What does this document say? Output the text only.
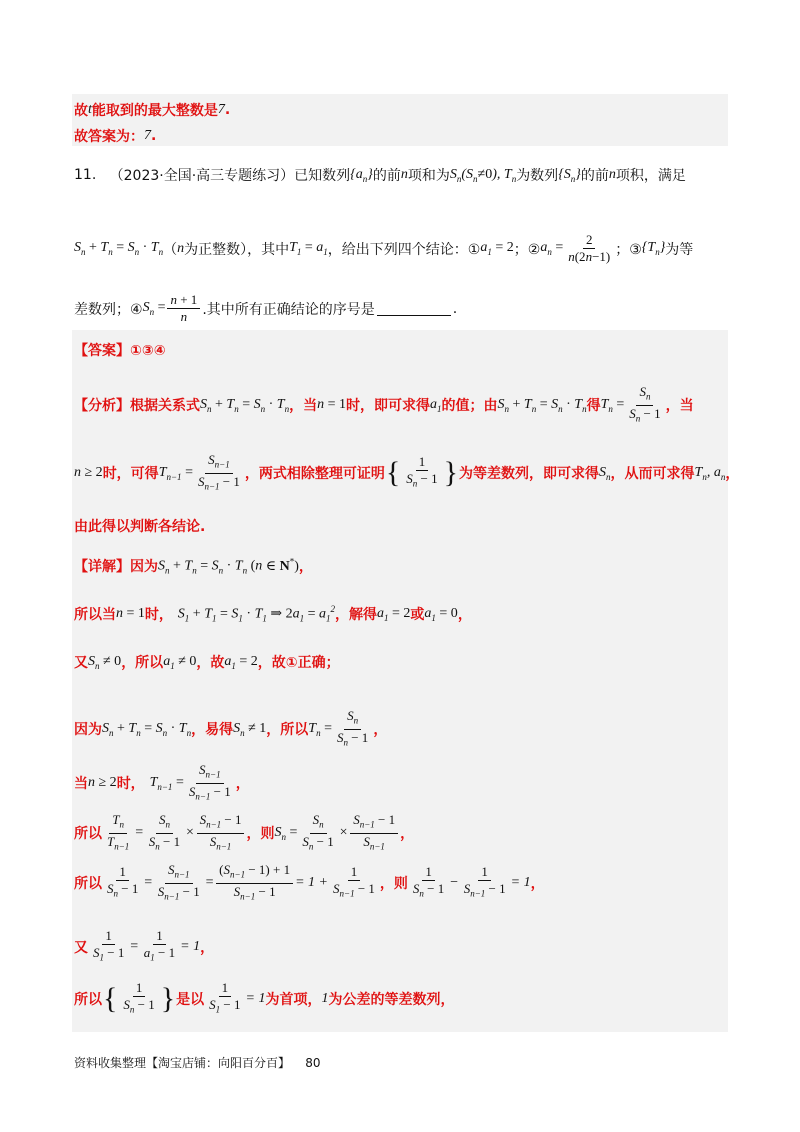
故 t 能取到的最大整数是 7 .
故答案为： 7 .
11.
（2023·全国·高三专题练习） 已知数列 $\{a_n\}$ 的前 n 项和为 $S_n(S_n\ne 0)$, $T_n$ 为数列 $\{S_n\}$ 的前 n 项积，满足
$S_n + T_n = S_n \cdot T_n$ （ n 为正整数），其中 $T_1 = a_1$ ，给出下列四个结论：① $a_1 = 2$ ；② $a_n = \frac{2}{n(2n-1)}$ ；③ $\{T_n\}$ 为等
差数列；④ $S_n = \frac{n + 1}{n}$ .其中所有正确结论的序号是	.
【答案】①③④
【分析】根据关系式 $S_n + T_n = S_n \cdot T_n$ ，当 n = 1 时，即可求得 $a_1$ 的值；由 $S_n + T_n = S_n \cdot T_n$ 得 $T_n = \frac{S_n}{S_n - 1}$ ，当
n ≥ 2 时，可得 $T_{n-1} = \frac{S_{n-1}}{S_{n-1} - 1}$ ，两式相除整理可证明 { $\frac{1}{S_n - 1}$ } 为等差数列，即可求得 $S_n$ ，从而可求得 $T_n$, $a_n$ ，
由此得以判断各结论.
【详解】因为 $S_n + T_n = S_n \cdot T_n$ (n ∈ N*) ，
所以当 n = 1 时， $S_1 + T_1 = S_1 \cdot T_1$ ⇒ $2a_1 = a_1^2$ ，解得 $a_1 = 2$ 或 $a_1 = 0$ ，
又 $S_n \ne 0$ ，所以 $a_1 \ne 0$ ，故 $a_1 = 2$ ，故①正确；
因为 $S_n + T_n = S_n \cdot T_n$ ，易得 $S_n \ne 1$ ，所以 $T_n = \frac{S_n}{S_n - 1}$ ，
当 n ≥ 2 时， $T_{n-1} = \frac{S_{n-1}}{S_{n-1} - 1}$ ，
所以 $\frac{T_n}{T_{n-1}} = \frac{S_n}{S_n - 1} \times \frac{S_{n-1} - 1}{S_{n-1}}$ ，则 $S_n = \frac{S_n}{S_n - 1} \times \frac{S_{n-1} - 1}{S_{n-1}}$ ，
所以 $\frac{1}{S_n - 1} = \frac{S_{n-1}}{S_{n-1} - 1} = \frac{(S_{n-1} - 1) + 1}{S_{n-1} - 1} = 1 + \frac{1}{S_{n-1} - 1}$ ，则 $\frac{1}{S_n - 1} - \frac{1}{S_{n-1} - 1} = 1$ ，
又 $\frac{1}{S_1 - 1} = \frac{1}{a_1 - 1} = 1$ ，
所以 { $\frac{1}{S_n - 1}$ } 是以 $\frac{1}{S_1 - 1} = 1$ 为首项， 1 为公差的等差数列，
资料收集整理【淘宝店铺：向阳百分百】 80
